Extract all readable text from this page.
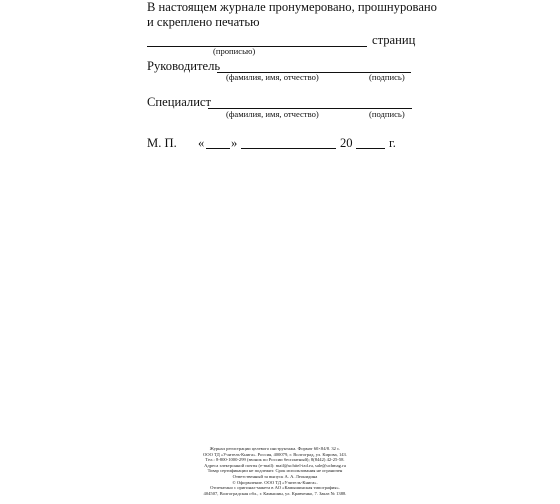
В настоящем журнале пронумеровано, прошнуровано
и скреплено печатью
страниц
(прописью)
Руководитель
(фамилия, имя, отчество)	(подпись)
Специалист
(фамилия, имя, отчество)	(подпись)
М. П. « »	20	г.
Журнал регистрации целевого инструктажа. Формат 60×84/8. 32 с.
ООО ТД «Учитель-Книга». Россия, 400079, г. Волгоград, ул. Кирова, 143.
Тел.: 8-800-1000-299 (звонок по России бесплатный); 8(8442) 42-25-58.
Адреса электронной почты (e-mail): mail@uchitel-izd.ru, sale@uchmag.ru
Товар сертификации не подлежит. Срок использования не ограничен
Ответственный за выпуск А. А. Леонидина
© Оформление. ООО ТД «Учитель-Книга».
Отпечатано с оригинал-макета в АО «Камышинская типография».
404507, Волгоградская обл., г. Камышин, ул. Кравченко, 7. Заказ № 1388.
